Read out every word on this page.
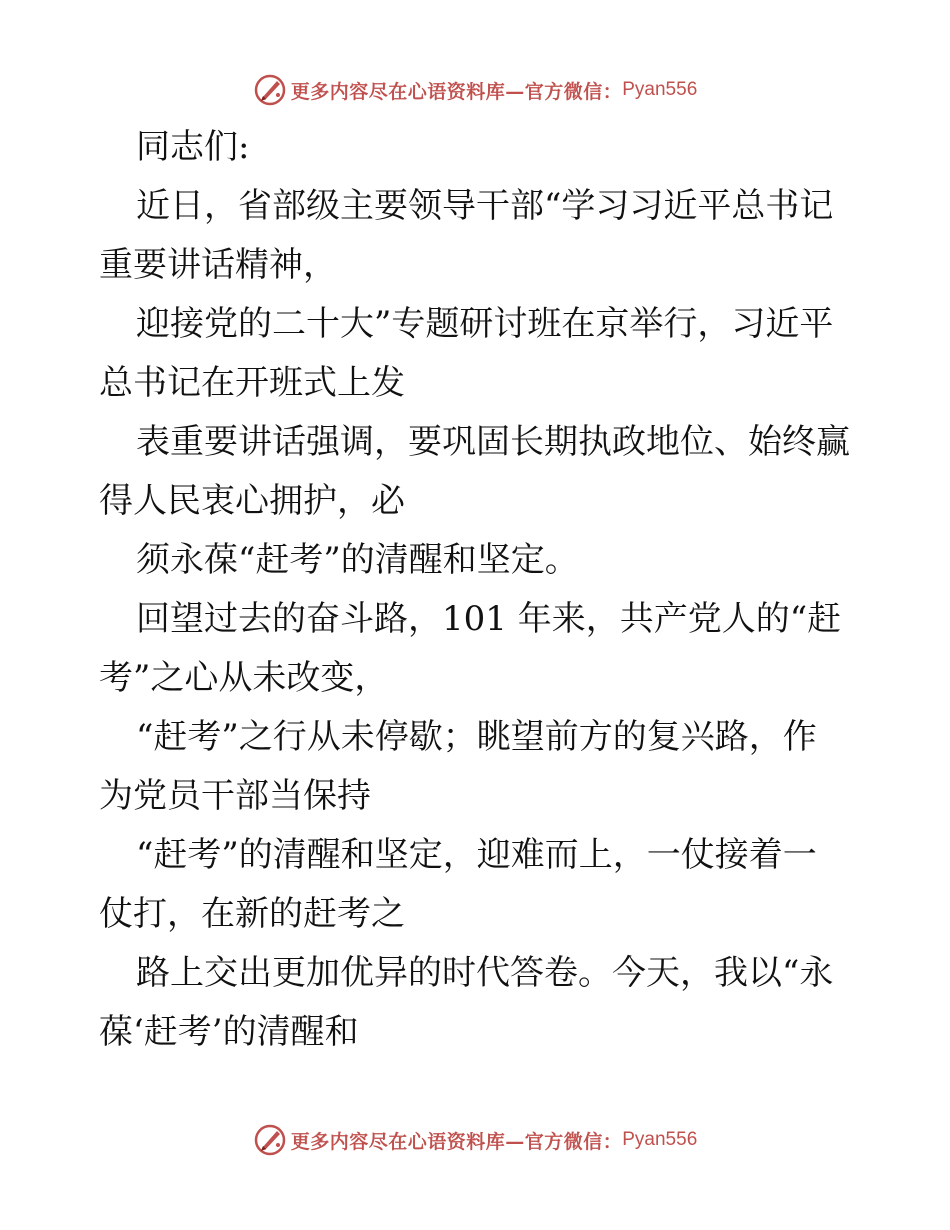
更多内容尽在心语资料库—官方微信： Pyan556
同志们:
近日，省部级主要领导干部“学习习近平总书记
重要讲话精神，
迎接党的二十大”专题研讨班在京举行，习近平
总书记在开班式上发
表重要讲话强调，要巩固长期执政地位、始终赢
得人民衷心拥护，必
须永葆“赶考”的清醒和坚定。
回望过去的奋斗路，101 年来，共产党人的“赶
考”之心从未改变，
“赶考”之行从未停歇；眺望前方的复兴路，作
为党员干部当保持
“赶考”的清醒和坚定，迎难而上，一仗接着一
仗打，在新的赶考之
路上交出更加优异的时代答卷。今天，我以“永
葆‘赶考’的清醒和
更多内容尽在心语资料库—官方微信： Pyan556
